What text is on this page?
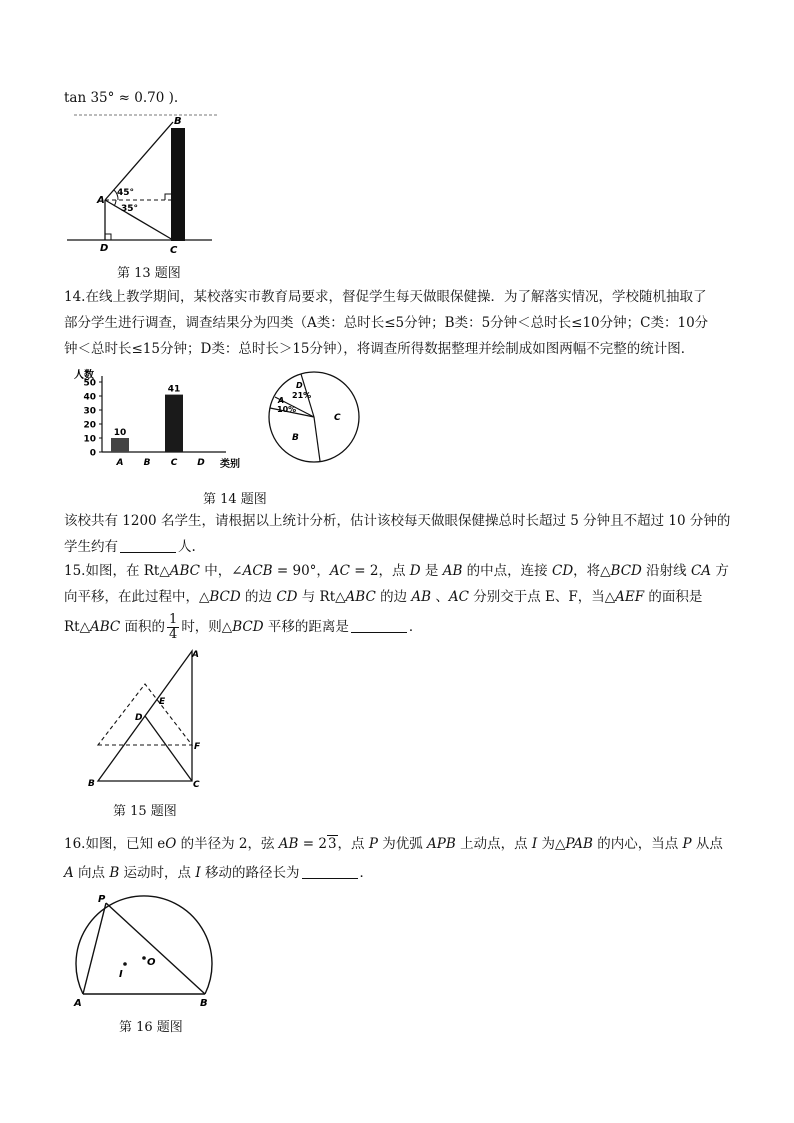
tan 35° ≈ 0.70 ).
B
A
D	C
45°
35°
第 13 题图
14.在线上教学期间，某校落实市教育局要求，督促学生每天做眼保健操．为了解落实情况，学校随机抽取了
部分学生进行调查，调查结果分为四类（A类：总时长≤5分钟；B类：5分钟＜总时长≤10分钟；C类：10分
钟＜总时长≤15分钟；D类：总时长＞15分钟），将调查所得数据整理并绘制成如图两幅不完整的统计图．
人数
0
10
20
30
40
50
10
41
A B C D 类别
D
21%
A
10%
B
C
第 14 题图
该校共有 1200 名学生，请根据以上统计分析，估计该校每天做眼保健操总时长超过 5 分钟且不超过 10 分钟的
学生约有	人.
15.如图，在 Rt△ABC 中，∠ACB = 90°，AC = 2，点 D 是 AB 的中点，连接 CD，将△BCD 沿射线 CA 方
向平移，在此过程中，△BCD 的边 CD 与 Rt△ABC 的边 AB 、AC 分别交于点 E、F，当△AEF 的面积是
Rt△ABC 面积的 $\frac{1}{4}$ 时，则△BCD 平移的距离是	．
A
B	C
D
E
F
第 15 题图
16.如图，已知 eO 的半径为 2，弦 AB = 23，点 P 为优弧 APB 上动点，点 I 为△PAB 的内心，当点 P 从点
A 向点 B 运动时，点 I 移动的路径长为	．
P
A	B
O
I
第 16 题图
